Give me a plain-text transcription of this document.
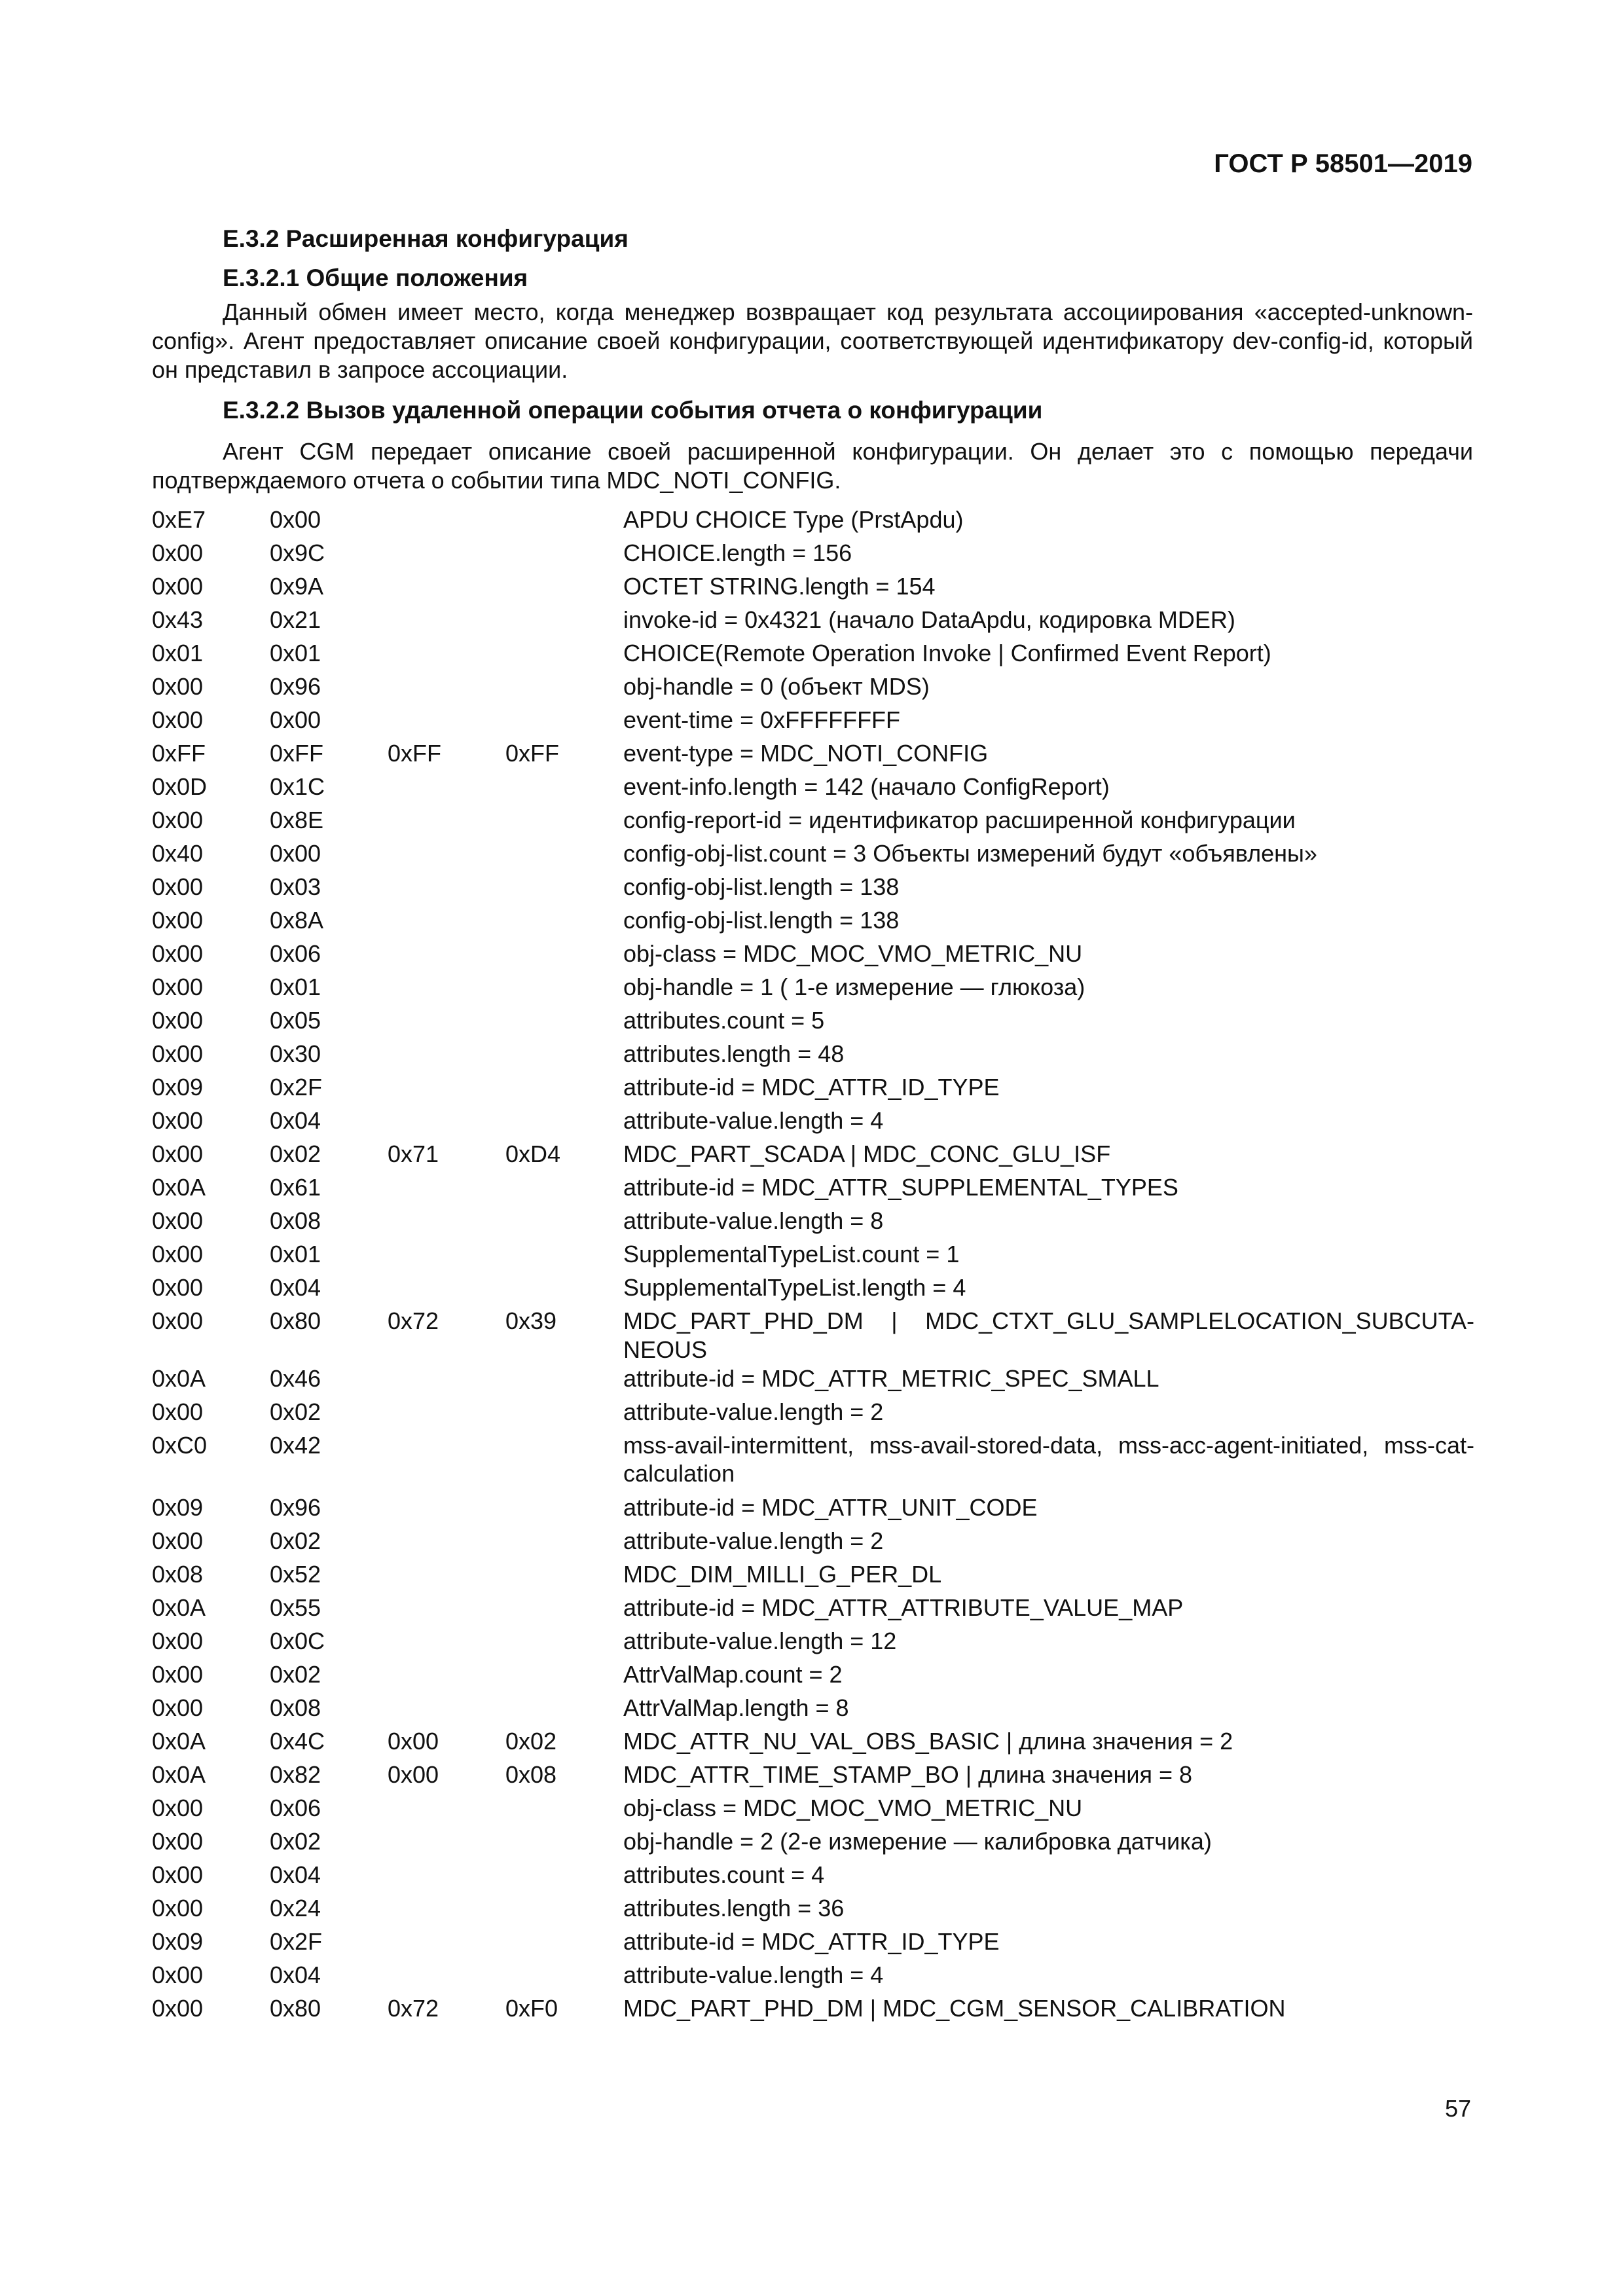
ГОСТ Р 58501—2019
Е.3.2 Расширенная конфигурация
Е.3.2.1 Общие положения
Данный обмен имеет место, когда менеджер возвращает код результата ассоциирования «accepted-unknown-config». Агент предоставляет описание своей конфигурации, соответствующей идентификатору dev-config-id, который он представил в запросе ассоциации.
Е.3.2.2 Вызов удаленной операции события отчета о конфигурации
Агент CGM передает описание своей расширенной конфигурации. Он делает это с помощью передачи подтверждаемого отчета о событии типа MDC_NOTI_CONFIG.
0xE7	0x00	APDU CHOICE Type (PrstApdu)
0x00	0x9C	CHOICE.length = 156
0x00	0x9A	OCTET STRING.length = 154
0x43	0x21	invoke-id = 0x4321 (начало DataApdu, кодировка MDER)
0x01	0x01	CHOICE(Remote Operation Invoke | Confirmed Event Report)
0x00	0x96	obj-handle = 0 (объект MDS)
0x00	0x00	event-time = 0xFFFFFFFF
0xFF	0xFF	0xFF	0xFF	event-type = MDC_NOTI_CONFIG
0x0D	0x1C	event-info.length = 142 (начало ConfigReport)
0x00	0x8E	config-report-id = идентификатор расширенной конфигурации
0x40	0x00	config-obj-list.count = 3 Объекты измерений будут «объявлены»
0x00	0x03	config-obj-list.length = 138
0x00	0x8A	config-obj-list.length = 138
0x00	0x06	obj-class = MDC_MOC_VMO_METRIC_NU
0x00	0x01	obj-handle = 1 ( 1-е измерение — глюкоза)
0x00	0x05	attributes.count = 5
0x00	0x30	attributes.length = 48
0x09	0x2F	attribute-id = MDC_ATTR_ID_TYPE
0x00	0x04	attribute-value.length = 4
0x00	0x02	0x71	0xD4	MDC_PART_SCADA | MDC_CONC_GLU_ISF
0x0A	0x61	attribute-id = MDC_ATTR_SUPPLEMENTAL_TYPES
0x00	0x08	attribute-value.length = 8
0x00	0x01	SupplementalTypeList.count = 1
0x00	0x04	SupplementalTypeList.length = 4
0x00	0x80	0x72	0x39	MDC_PART_PHD_DM | MDC_CTXT_GLU_SAMPLELOCATION_SUBCUTA-NEOUS
0x0A	0x46	attribute-id = MDC_ATTR_METRIC_SPEC_SMALL
0x00	0x02	attribute-value.length = 2
0xC0	0x42	mss-avail-intermittent, mss-avail-stored-data, mss-acc-agent-initiated, mss-cat-calculation
0x09	0x96	attribute-id = MDC_ATTR_UNIT_CODE
0x00	0x02	attribute-value.length = 2
0x08	0x52	MDC_DIM_MILLI_G_PER_DL
0x0A	0x55	attribute-id = MDC_ATTR_ATTRIBUTE_VALUE_MAP
0x00	0x0C	attribute-value.length = 12
0x00	0x02	AttrValMap.count = 2
0x00	0x08	AttrValMap.length = 8
0x0A	0x4C	0x00	0x02	MDC_ATTR_NU_VAL_OBS_BASIC | длина значения = 2
0x0A	0x82	0x00	0x08	MDC_ATTR_TIME_STAMP_BO | длина значения = 8
0x00	0x06	obj-class = MDC_MOC_VMO_METRIC_NU
0x00	0x02	obj-handle = 2 (2-е измерение — калибровка датчика)
0x00	0x04	attributes.count = 4
0x00	0x24	attributes.length = 36
0x09	0x2F	attribute-id = MDC_ATTR_ID_TYPE
0x00	0x04	attribute-value.length = 4
0x00	0x80	0x72	0xF0	MDC_PART_PHD_DM | MDC_CGM_SENSOR_CALIBRATION
57
